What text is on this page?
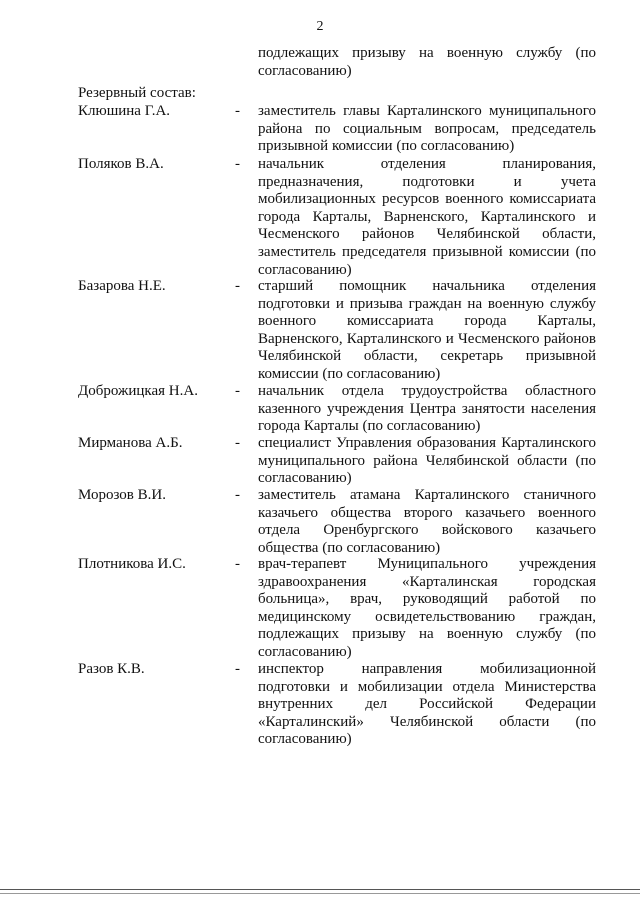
2
подлежащих призыву на военную службу (по согласованию)
Резервный состав:
Клюшина Г.А.	- заместитель главы Карталинского муниципального района по социальным вопросам, председатель призывной комиссии (по согласованию)
Поляков В.А.	- начальник отделения планирования, предназначения, подготовки и учета мобилизационных ресурсов военного комиссариата города Карталы, Варненского, Карталинского и Чесменского районов Челябинской области, заместитель председателя призывной комиссии (по согласованию)
Базарова Н.Е.	- старший помощник начальника отделения подготовки и призыва граждан на военную службу военного комиссариата города Карталы, Варненского, Карталинского и Чесменского районов Челябинской области, секретарь призывной комиссии (по согласованию)
Доброжицкая Н.А. - начальник отдела трудоустройства областного казенного учреждения Центра занятости населения города Карталы (по согласованию)
Мирманова А.Б.	- специалист Управления образования Карталинского муниципального района Челябинской области (по согласованию)
Морозов В.И.	- заместитель атамана Карталинского станичного казачьего общества второго казачьего военного отдела Оренбургского войскового казачьего общества (по согласованию)
Плотникова И.С.	- врач-терапевт Муниципального учреждения здравоохранения «Карталинская городская больница», врач, руководящий работой по медицинскому освидетельствованию граждан, подлежащих призыву на военную службу (по согласованию)
Разов К.В.	- инспектор направления мобилизационной подготовки и мобилизации отдела Министерства внутренних дел Российской Федерации «Карталинский» Челябинской области (по согласованию)
